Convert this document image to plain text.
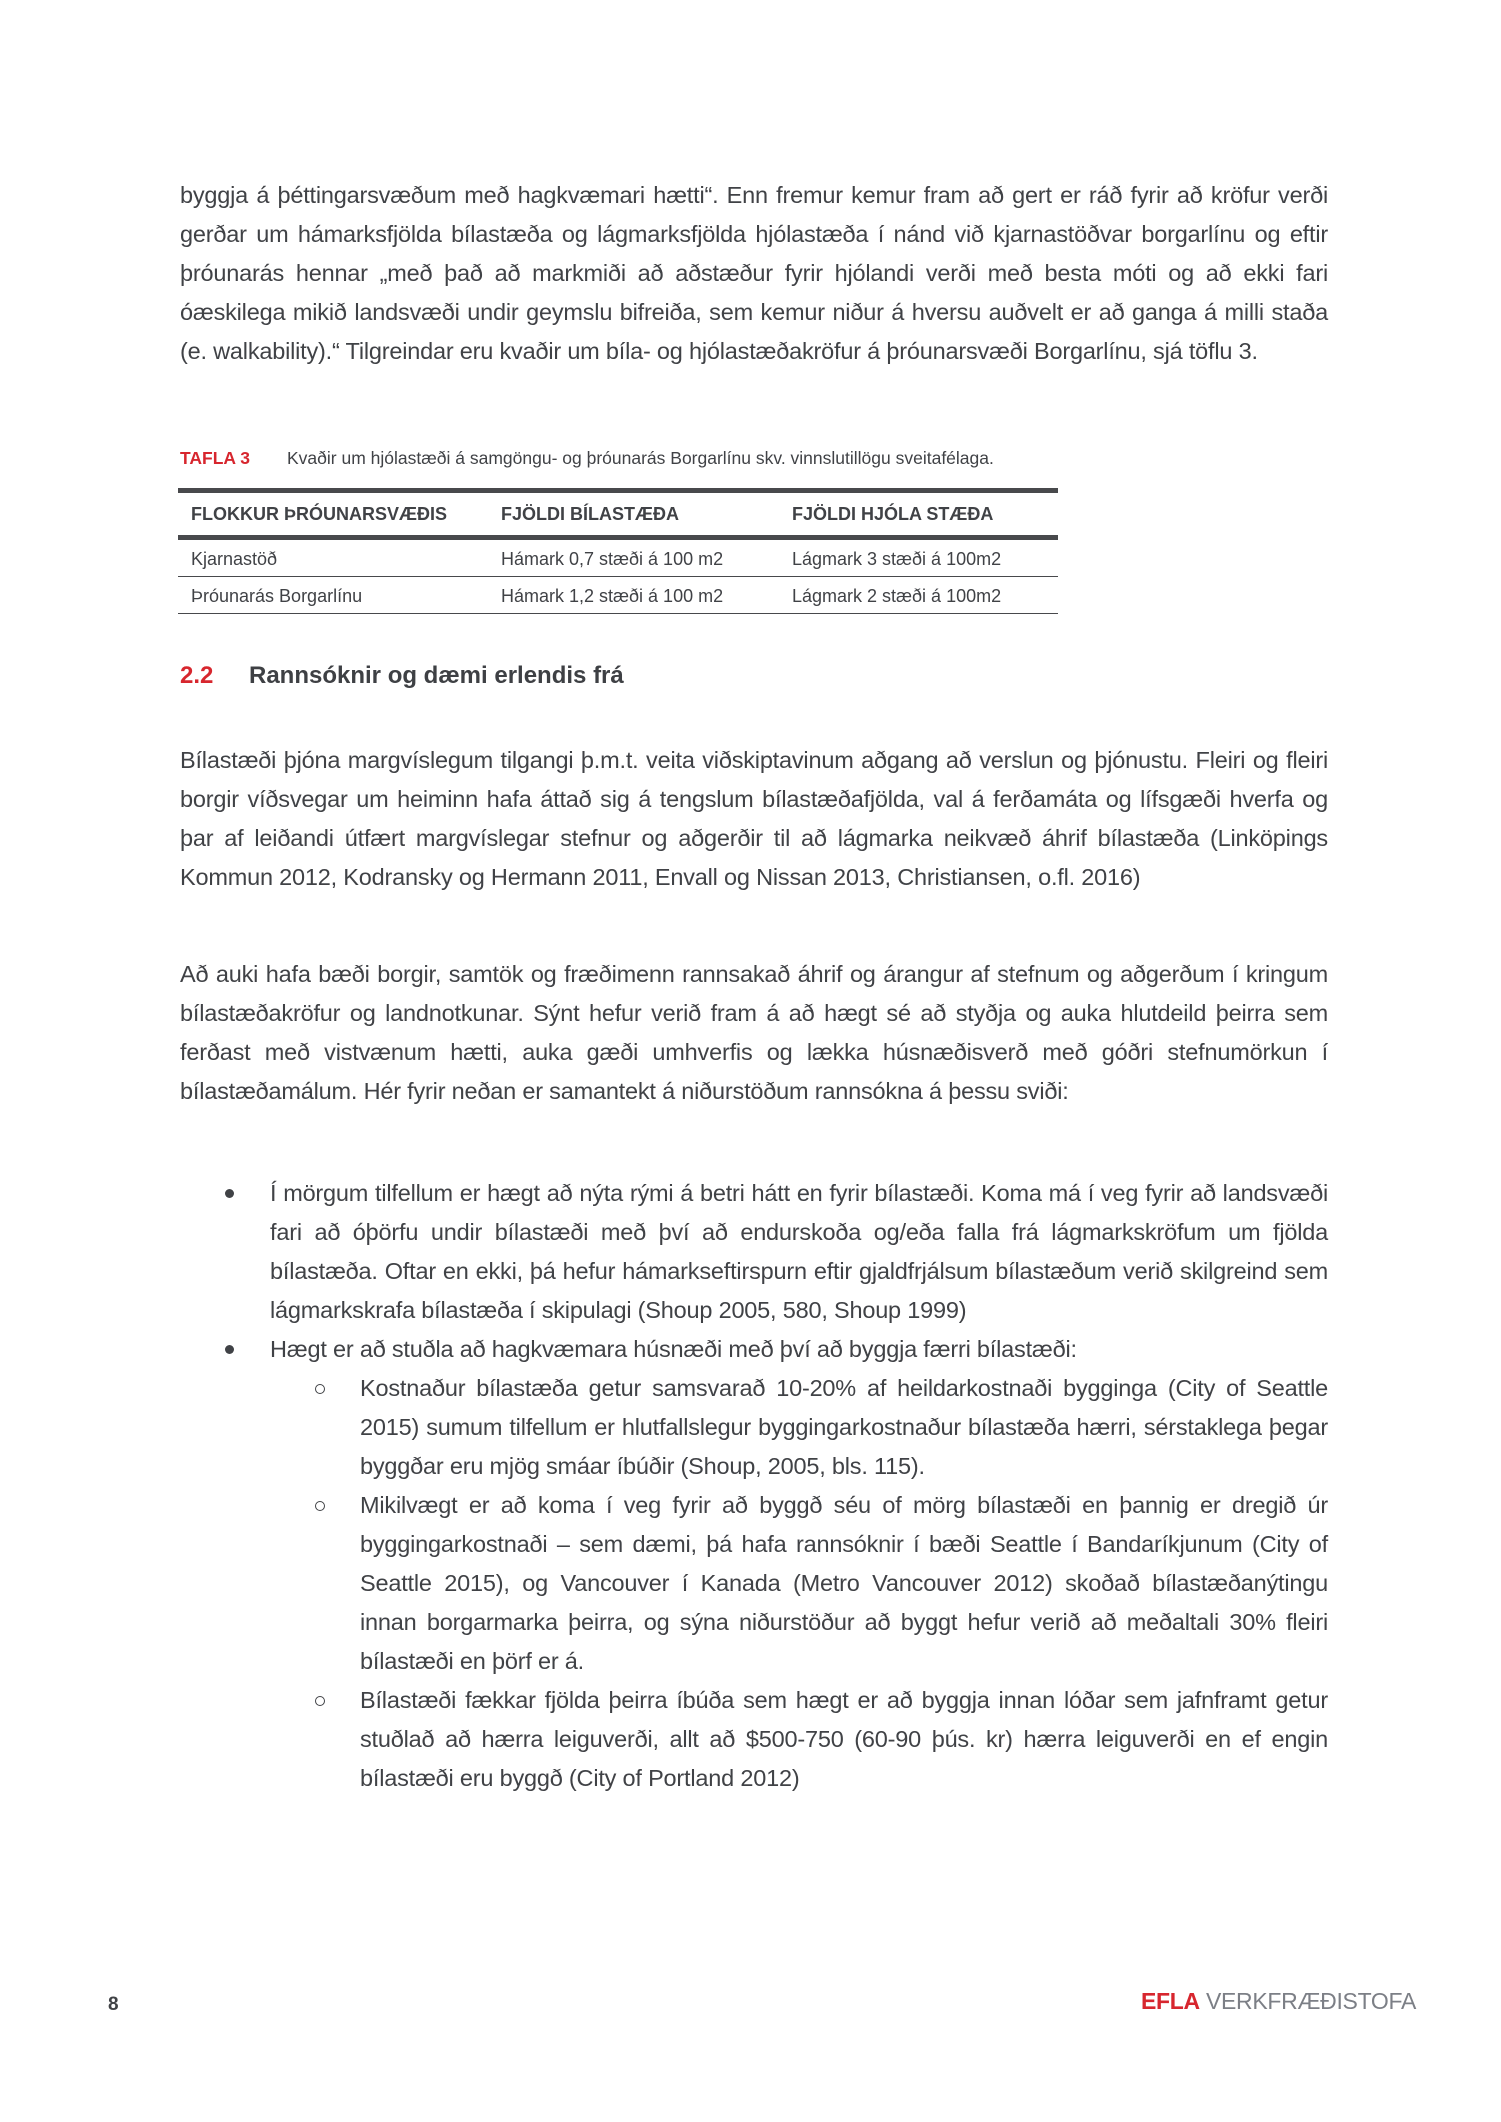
byggja á þéttingarsvæðum með hagkvæmari hætti“. Enn fremur kemur fram að gert er ráð fyrir að kröfur verði gerðar um hámarksfjölda bílastæða og lágmarksfjölda hjólastæða í nánd við kjarnastöðvar borgarlínu og eftir þróunarás hennar „með það að markmiði að aðstæður fyrir hjólandi verði með besta móti og að ekki fari óæskilega mikið landsvæði undir geymslu bifreiða, sem kemur niður á hversu auðvelt er að ganga á milli staða (e. walkability).“ Tilgreindar eru kvaðir um bíla- og hjólastæðakröfur á þróunarsvæði Borgarlínu, sjá töflu 3.

TAFLA 3 Kvaðir um hjólastæði á samgöngu- og þróunarás Borgarlínu skv. vinnslutillögu sveitafélaga.
FLOKKUR ÞRÓUNARSVÆÐIS	FJÖLDI BÍLASTÆÐA	FJÖLDI HJÓLA STÆÐA
Kjarnastöð	Hámark 0,7 stæði á 100 m2	Lágmark 3 stæði á 100m2
Þróunarás Borgarlínu	Hámark 1,2 stæði á 100 m2	Lágmark 2 stæði á 100m2
2.2 Rannsóknir og dæmi erlendis frá

Bílastæði þjóna margvíslegum tilgangi þ.m.t. veita viðskiptavinum aðgang að verslun og þjónustu. Fleiri og fleiri borgir víðsvegar um heiminn hafa áttað sig á tengslum bílastæðafjölda, val á ferðamáta og lífsgæði hverfa og þar af leiðandi útfært margvíslegar stefnur og aðgerðir til að lágmarka neikvæð áhrif bílastæða (Linköpings Kommun 2012, Kodransky og Hermann 2011, Envall og Nissan 2013, Christiansen, o.fl. 2016)

Að auki hafa bæði borgir, samtök og fræðimenn rannsakað áhrif og árangur af stefnum og aðgerðum í kringum bílastæðakröfur og landnotkunar. Sýnt hefur verið fram á að hægt sé að styðja og auka hlutdeild þeirra sem ferðast með vistvænum hætti, auka gæði umhverfis og lækka húsnæðisverð með góðri stefnumörkun í bílastæðamálum. Hér fyrir neðan er samantekt á niðurstöðum rannsókna á þessu sviði:

Í mörgum tilfellum er hægt að nýta rými á betri hátt en fyrir bílastæði. Koma má í veg fyrir að landsvæði fari að óþörfu undir bílastæði með því að endurskoða og/eða falla frá lágmarkskröfum um fjölda bílastæða. Oftar en ekki, þá hefur hámarkseftirspurn eftir gjaldfrjálsum bílastæðum verið skilgreind sem lágmarkskrafa bílastæða í skipulagi (Shoup 2005, 580, Shoup 1999)
Hægt er að stuðla að hagkvæmara húsnæði með því að byggja færri bílastæði:
Kostnaður bílastæða getur samsvarað 10-20% af heildarkostnaði bygginga (City of Seattle 2015) sumum tilfellum er hlutfallslegur byggingarkostnaður bílastæða hærri, sérstaklega þegar byggðar eru mjög smáar íbúðir (Shoup, 2005, bls. 115).
Mikilvægt er að koma í veg fyrir að byggð séu of mörg bílastæði en þannig er dregið úr byggingarkostnaði – sem dæmi, þá hafa rannsóknir í bæði Seattle í Bandaríkjunum (City of Seattle 2015), og Vancouver í Kanada (Metro Vancouver 2012) skoðað bílastæðanýtingu innan borgarmarka þeirra, og sýna niðurstöður að byggt hefur verið að meðaltali 30% fleiri bílastæði en þörf er á.
Bílastæði fækkar fjölda þeirra íbúða sem hægt er að byggja innan lóðar sem jafnframt getur stuðlað að hærra leiguverði, allt að $500-750 (60-90 þús. kr) hærra leiguverði en ef engin bílastæði eru byggð (City of Portland 2012)
8	EFLA VERKFRÆÐISTOFA
